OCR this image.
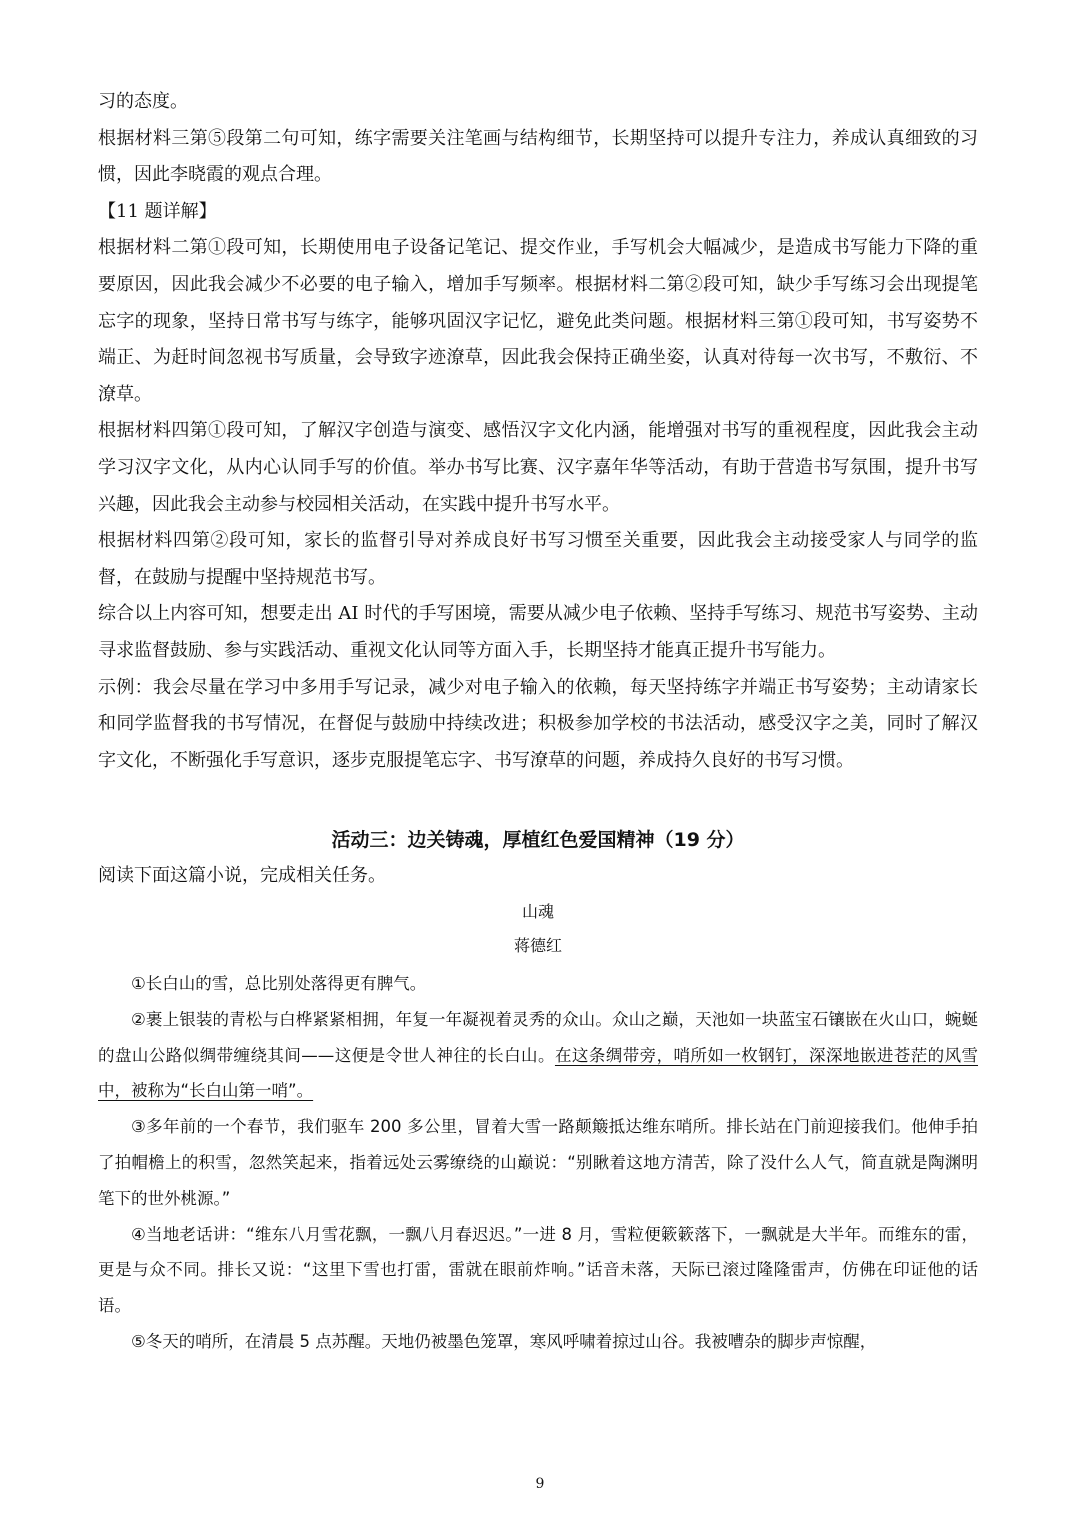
习的态度。

根据材料三第⑤段第二句可知，练字需要关注笔画与结构细节，长期坚持可以提升专注力，养成认真细致的习惯，因此李晓霞的观点合理。

【11 题详解】

根据材料二第①段可知，长期使用电子设备记笔记、提交作业，手写机会大幅减少，是造成书写能力下降的重要原因，因此我会减少不必要的电子输入，增加手写频率。根据材料二第②段可知，缺少手写练习会出现提笔忘字的现象，坚持日常书写与练字，能够巩固汉字记忆，避免此类问题。根据材料三第①段可知，书写姿势不端正、为赶时间忽视书写质量，会导致字迹潦草，因此我会保持正确坐姿，认真对待每一次书写，不敷衍、不潦草。

根据材料四第①段可知，了解汉字创造与演变、感悟汉字文化内涵，能增强对书写的重视程度，因此我会主动学习汉字文化，从内心认同手写的价值。举办书写比赛、汉字嘉年华等活动，有助于营造书写氛围，提升书写兴趣，因此我会主动参与校园相关活动，在实践中提升书写水平。

根据材料四第②段可知，家长的监督引导对养成良好书写习惯至关重要，因此我会主动接受家人与同学的监督，在鼓励与提醒中坚持规范书写。

综合以上内容可知，想要走出 AI 时代的手写困境，需要从减少电子依赖、坚持手写练习、规范书写姿势、主动寻求监督鼓励、参与实践活动、重视文化认同等方面入手，长期坚持才能真正提升书写能力。

示例：我会尽量在学习中多用手写记录，减少对电子输入的依赖，每天坚持练字并端正书写姿势；主动请家长和同学监督我的书写情况，在督促与鼓励中持续改进；积极参加学校的书法活动，感受汉字之美，同时了解汉字文化，不断强化手写意识，逐步克服提笔忘字、书写潦草的问题，养成持久良好的书写习惯。

活动三：边关铸魂，厚植红色爱国精神（19 分）
阅读下面这篇小说，完成相关任务。
山魂
蒋德红

①长白山的雪，总比别处落得更有脾气。

②裹上银装的青松与白桦紧紧相拥，年复一年凝视着灵秀的众山。众山之巅，天池如一块蓝宝石镶嵌在火山口，蜿蜒的盘山公路似绸带缠绕其间——这便是令世人神往的长白山。在这条绸带旁，哨所如一枚钢钉，深深地嵌进苍茫的风雪中，被称为“长白山第一哨”。

③多年前的一个春节，我们驱车 200 多公里，冒着大雪一路颠簸抵达维东哨所。排长站在门前迎接我们。他伸手拍了拍帽檐上的积雪，忽然笑起来，指着远处云雾缭绕的山巅说：“别瞅着这地方清苦，除了没什么人气，简直就是陶渊明笔下的世外桃源。”

④当地老话讲：“维东八月雪花飘，一飘八月春迟迟。”一进 8 月，雪粒便簌簌落下，一飘就是大半年。而维东的雷，更是与众不同。排长又说：“这里下雪也打雷，雷就在眼前炸响。”话音未落，天际已滚过隆隆雷声，仿佛在印证他的话语。

⑤冬天的哨所，在清晨 5 点苏醒。天地仍被墨色笼罩，寒风呼啸着掠过山谷。我被嘈杂的脚步声惊醒，

9
